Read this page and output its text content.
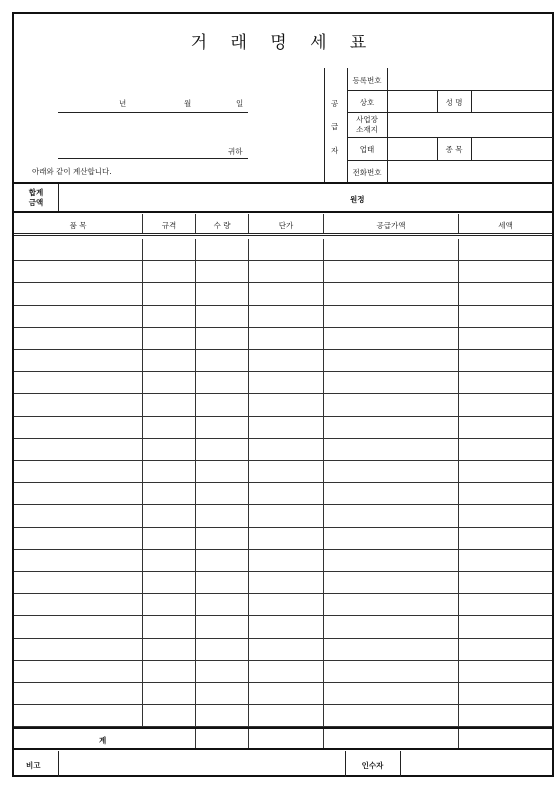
거 래 명 세 표
년	월	일
귀하
아래와 같이 계산합니다.
공
급
자
등록번호
상호	성 명
사업장
소재지
업태	종 목
전화번호
합계
금액	원정
품 목	규격	수 량	단가	공급가액	세액
계
비고	인수자
